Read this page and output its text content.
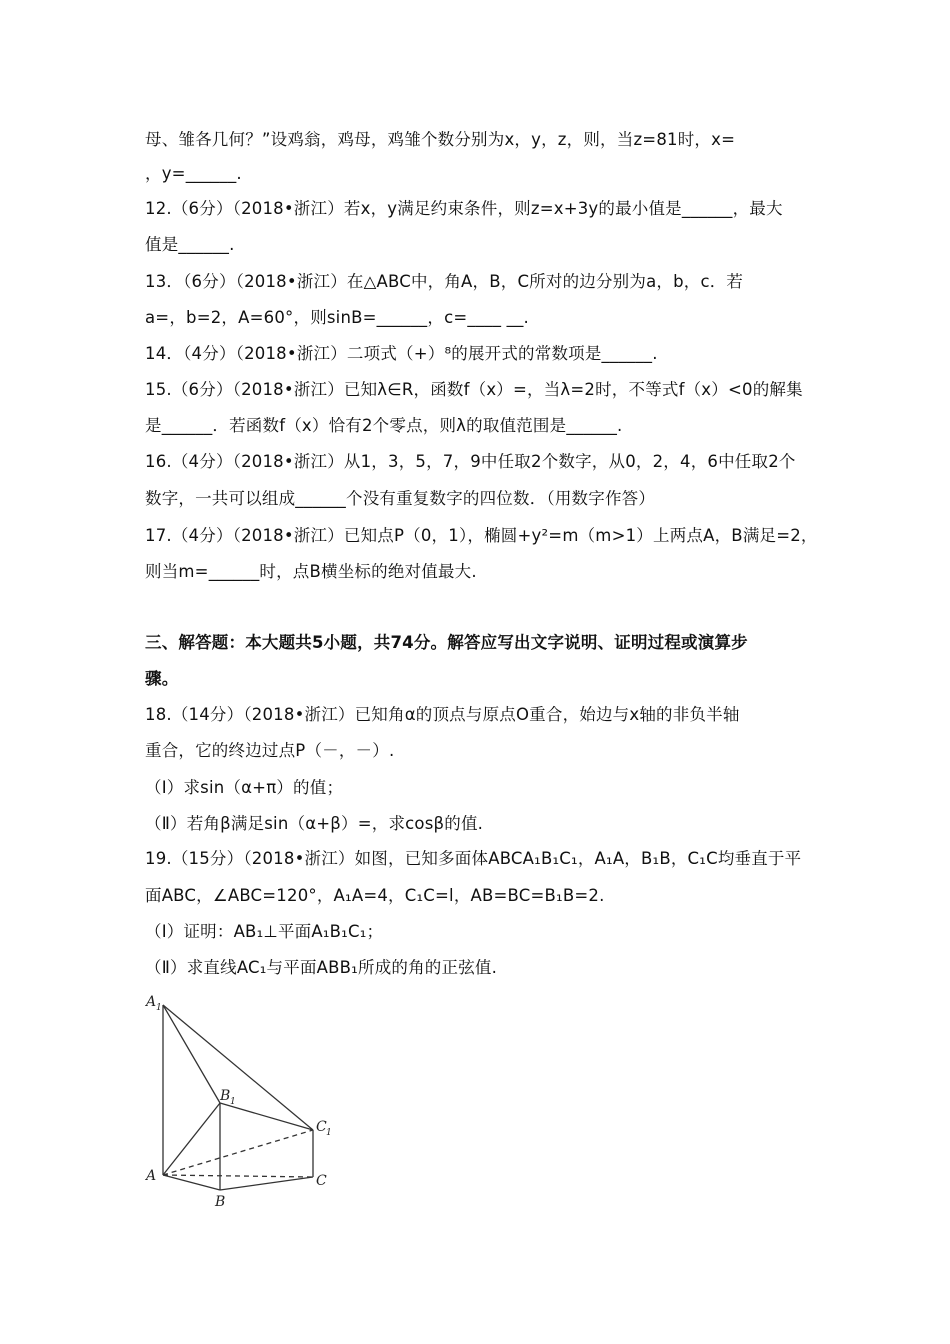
母、雏各几何？”设鸡翁，鸡母，鸡雏个数分别为x，y，z，则，当z=81时，x=
，y=______.
12.（6分）（2018•浙江）若x，y满足约束条件，则z=x+3y的最小值是______，最大
值是______.
13．（6分）（2018•浙江）在△ABC中，角A，B，C所对的边分别为a，b，c．若
a=，b=2，A=60°，则sinB=______，c=____ __.
14．（4分）（2018•浙江）二项式（+）⁸的展开式的常数项是______.
15.（6分）（2018•浙江）已知λ∈R，函数f（x）=，当λ=2时，不等式f（x）<0的解集
是______．若函数f（x）恰有2个零点，则λ的取值范围是______.
16.（4分）（2018•浙江）从1，3，5，7，9中任取2个数字，从0，2，4，6中任取2个
数字，一共可以组成______个没有重复数字的四位数．（用数字作答）
17.（4分）（2018•浙江）已知点P（0，1），椭圆+y²=m（m>1）上两点A，B满足=2，
则当m=______时，点B横坐标的绝对值最大.
三、解答题：本大题共5小题，共74分。解答应写出文字说明、证明过程或演算步
骤。
18.（14分）（2018•浙江）已知角α的顶点与原点O重合，始边与x轴的非负半轴
重合，它的终边过点P（－，－）.
（Ⅰ）求sin（α+π）的值；
（Ⅱ）若角β满足sin（α+β）=，求cosβ的值.
19.（15分）（2018•浙江）如图，已知多面体ABCA₁B₁C₁，A₁A，B₁B，C₁C均垂直于平
面ABC，∠ABC=120°，A₁A=4，C₁C=l，AB=BC=B₁B=2.
（Ⅰ）证明：AB₁⊥平面A₁B₁C₁；
（Ⅱ）求直线AC₁与平面ABB₁所成的角的正弦值.
A 1
B 1
C 1
A
B
C
